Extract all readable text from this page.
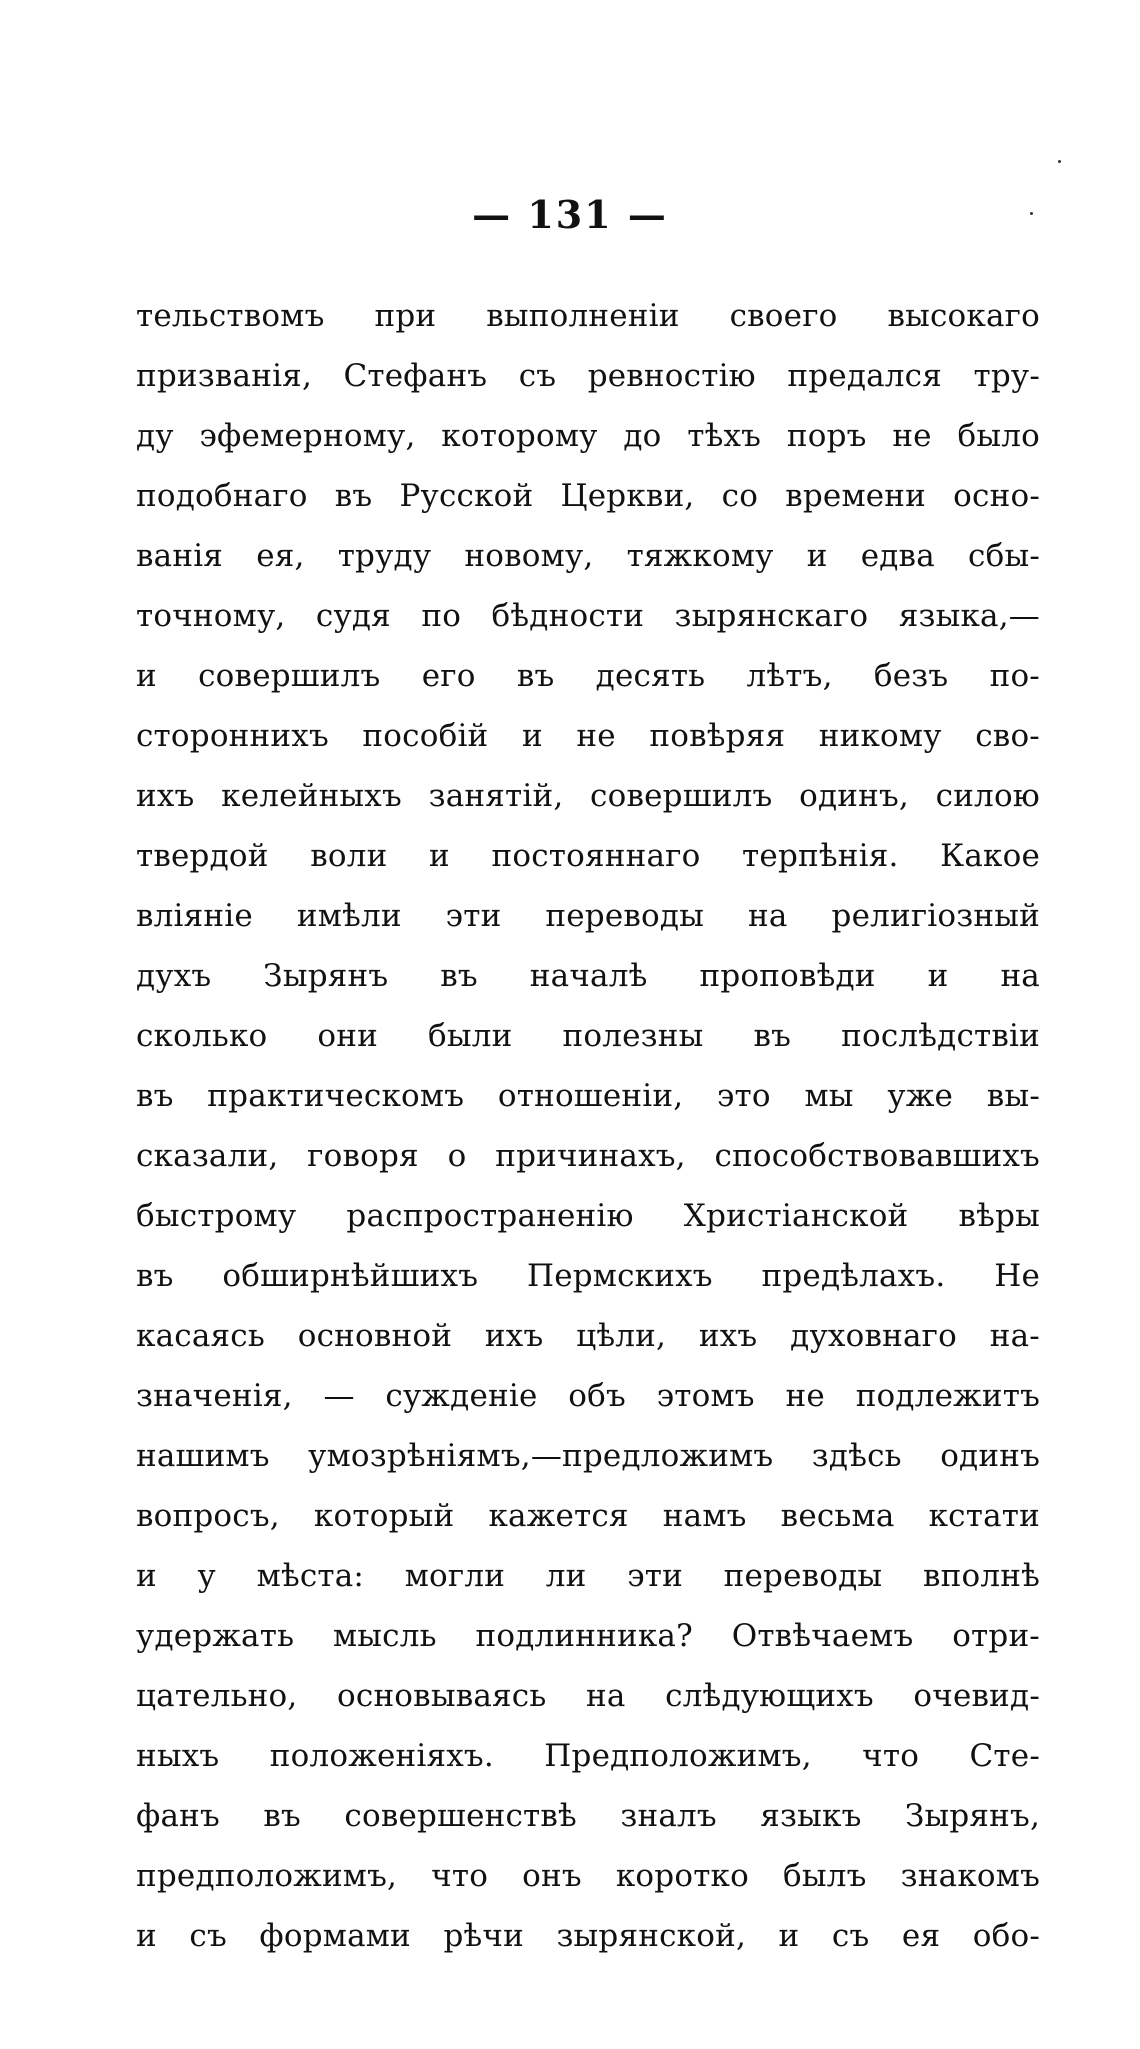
— 131 —
тельствомъ при выполненіи своего высокаго
призванія, Стефанъ съ ревностію предался тру-
ду эфемерному, которому до тѣхъ поръ не было
подобнаго въ Русской Церкви, со времени осно-
ванія ея, труду новому, тяжкому и едва сбы-
точному, судя по бѣдности зырянскаго языка,—
и совершилъ его въ десять лѣтъ, безъ по-
стороннихъ пособій и не повѣряя никому сво-
ихъ келейныхъ занятій, совершилъ одинъ, силою
твердой воли и постояннаго терпѣнія. Какое
вліяніе имѣли эти переводы на религіозный
духъ Зырянъ въ началѣ проповѣди и на
сколько они были полезны въ послѣдствіи
въ практическомъ отношеніи, это мы уже вы-
сказали, говоря о причинахъ, способствовавшихъ
быстрому распространенію Христіанской вѣры
въ обширнѣйшихъ Пермскихъ предѣлахъ. Не
касаясь основной ихъ цѣли, ихъ духовнаго на-
значенія, — сужденіе объ этомъ не подлежитъ
нашимъ умозрѣніямъ,—предложимъ здѣсь одинъ
вопросъ, который кажется намъ весьма кстати
и у мѣста: могли ли эти переводы вполнѣ
удержать мысль подлинника? Отвѣчаемъ отри-
цательно, основываясь на слѣдующихъ очевид-
ныхъ положеніяхъ. Предположимъ, что Сте-
фанъ въ совершенствѣ зналъ языкъ Зырянъ,
предположимъ, что онъ коротко былъ знакомъ
и съ формами рѣчи зырянской, и съ ея обо-
